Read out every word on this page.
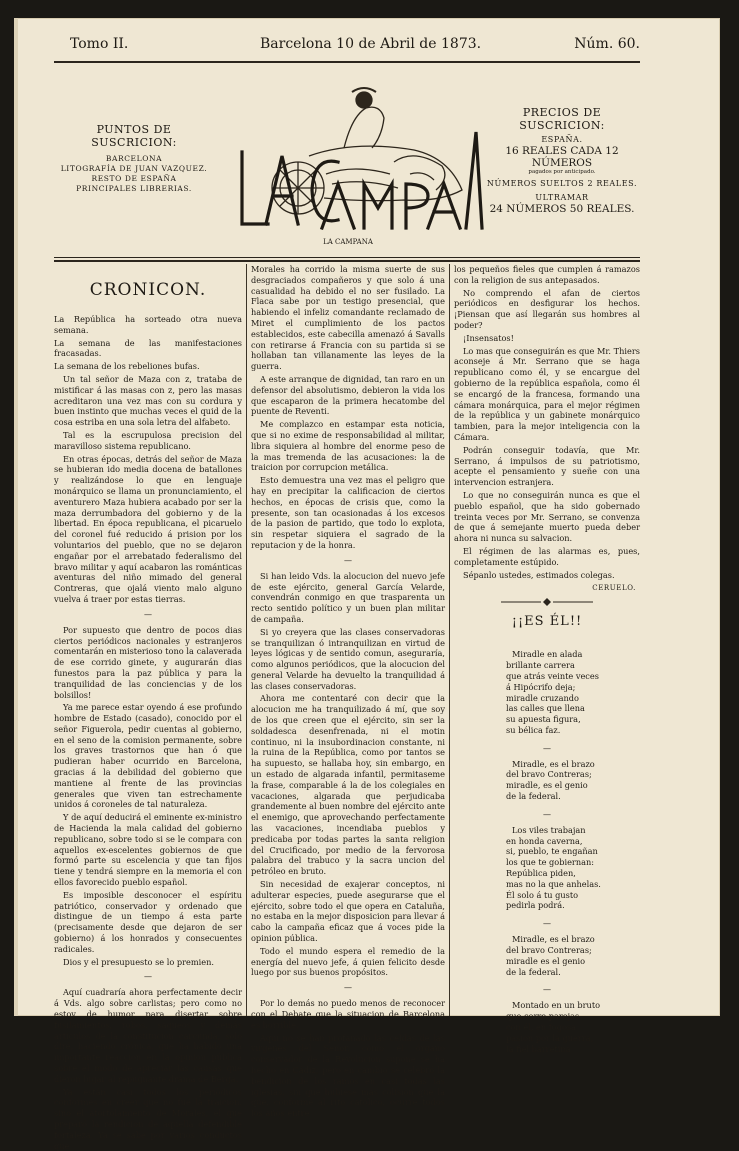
Tomo II.	Barcelona 10 de Abril de 1873.	Núm. 60.
PUNTOS DE SUSCRICION:
BARCELONA
LITOGRAFÍA DE JUAN VAZQUEZ.
RESTO DE ESPAÑA
PRINCIPALES LIBRERIAS.
LA CAMPANA
PRECIOS DE SUSCRICION:
ESPAÑA.
16 REALES CADA 12 NÚMEROS
pagados por anticipado.
NÚMEROS SUELTOS 2 REALES.
ULTRAMAR
24 NÚMEROS 50 REALES.
CRONICON.

La República ha sorteado otra nueva semana.

La semana de las manifestaciones fracasadas.

La semana de los rebeliones bufas.

Un tal señor de Maza con z, trataba de mistificar á las masas con z, pero las masas acreditaron una vez mas con su cordura y buen instinto que muchas veces el quid de la cosa estriba en una sola letra del alfabeto.

Tal es la escrupulosa precision del maravilloso sistema republicano.

En otras épocas, detrás del señor de Maza se hubieran ido media docena de batallones y realizándose lo que en lenguaje monárquico se llama un pronunciamiento, el aventurero Maza hubiera acabado por ser la maza derrumbadora del gobierno y de la libertad. En época republicana, el picaruelo del coronel fué reducido á prision por los voluntarios del pueblo, que no se dejaron engañar por el arrebatado federalismo del bravo militar y aquí acabaron las románticas aventuras del niño mimado del general Contreras, que ojalá viento malo alguno vuelva á traer por estas tierras.

—

Por supuesto que dentro de pocos dias ciertos periódicos nacionales y estranjeros comentarán en misterioso tono la calaverada de ese corrido ginete, y augurarán dias funestos para la paz pública y para la tranquilidad de las conciencias y de los bolsillos!

Ya me parece estar oyendo á ese profundo hombre de Estado (casado), conocido por el señor Figuerola, pedir cuentas al gobierno, en el seno de la comision permanente, sobre los graves trastornos que han ó que pudieran haber ocurrido en Barcelona, gracias á la debilidad del gobierno que mantiene al frente de las provincias generales que viven tan estrechamente unidos á coroneles de tal naturaleza.

Y de aquí deducirá el eminente ex-ministro de Hacienda la mala calidad del gobierno republicano, sobre todo si se le compara con aquellos ex-escelentes gobiernos de que formó parte su escelencia y que tan fijos tiene y tendrá siempre en la memoria el con ellos favorecido pueblo español.

Es imposible desconocer el espíritu patriótico, conservador y ordenado que distingue de un tiempo á esta parte (precisamente desde que dejaron de ser gobierno) á los honrados y consecuentes radicales.

Dios y el presupuesto se lo premien.

—

Aquí cuadraría ahora perfectamente decir á Vds. algo sobre carlistas; pero como no estoy de humor para disertar sobre fusilamientos, robos, saqueos y demás artículos de la constitucion carcunda, solo diré, haciendo crónica, que ha habido una importante reaccion en la opinion pública sobre el modo de apreciar las causas que dieron lugar al repugnante drama de Berga.

Ya están casi todos los periódicos conformes en creer que no fué la traicion, sino el atortolamiento de Morales, el que preparó la rendicion de aquella defendible fortaleza. Ya se sabe por varios conductos que

Morales ha corrido la misma suerte de sus desgraciados compañeros y que solo á una casualidad ha debido el no ser fusilado. La Flaca sabe por un testigo presencial, que habiendo el infeliz comandante reclamado de Miret el cumplimiento de los pactos establecidos, este cabecilla amenazó á Savalls con retirarse á Francia con su partida si se hollaban tan villanamente las leyes de la guerra.

A este arranque de dignidad, tan raro en un defensor del absolutismo, debieron la vida los que escaparon de la primera hecatombe del puente de Reventi.

Me complazco en estampar esta noticia, que si no exime de responsabilidad al militar, libra siquiera al hombre del enorme peso de la mas tremenda de las acusaciones: la de traicion por corrupcion metálica.

Esto demuestra una vez mas el peligro que hay en precipitar la calificacion de ciertos hechos, en épocas de crisis que, como la presente, son tan ocasionadas á los excesos de la pasion de partido, que todo lo explota, sin respetar siquiera el sagrado de la reputacion y de la honra.

—

Si han leido Vds. la alocucion del nuevo jefe de este ejército, general García Velarde, convendrán conmigo en que trasparenta un recto sentido político y un buen plan militar de campaña.

Si yo creyera que las clases conservadoras se tranquilizan ó intranquilizan en virtud de leyes lógicas y de sentido comun, aseguraría, como algunos periódicos, que la alocucion del general Velarde ha devuelto la tranquilidad á las clases conservadoras.

Ahora me contentaré con decir que la alocucion me ha tranquilizado á mí, que soy de los que creen que el ejército, sin ser la soldadesca desenfrenada, ni el motin continuo, ni la insubordinacion constante, ni la ruina de la República, como por tantos se ha supuesto, se hallaba hoy, sin embargo, en un estado de algarada infantil, permitaseme la frase, comparable á la de los colegiales en vacaciones, algarada que perjudicaba grandemente al buen nombre del ejército ante el enemigo, que aprovechando perfectamente las vacaciones, incendiaba pueblos y predicaba por todas partes la santa religion del Crucificado, por medio de la fervorosa palabra del trabuco y la sacra uncion del petróleo en bruto.

Sin necesidad de exajerar conceptos, ni adulterar especies, puede asegurarse que el ejército, sobre todo el que opera en Cataluña, no estaba en la mejor disposicion para llevar á cabo la campaña eficaz que á voces pide la opinion pública.

Todo el mundo espera el remedio de la energía del nuevo jefe, á quien felicito desde luego por sus buenos propósitos.

—

Por lo demás no puedo menos de reconocer con el Debate que la situacion de Barcelona es horrible.

Aquí no se han profanado las celdas de las vírgenes del Señor, como el órgano conservador de la Revolucion supone se ha hecho en Cádiz; pero en cambio se celebró la bendicion de los ramos en casi todas las iglesias, sin que hubiese mas colision que la que, conforme al rito católico, ocurre todos los años entre

los pequeños fieles que cumplen á ramazos con la religion de sus antepasados.

No comprendo el afan de ciertos periódicos en desfigurar los hechos. ¡Piensan que así llegarán sus hombres al poder?

¡Insensatos!

Lo mas que conseguirán es que Mr. Thiers aconseje á Mr. Serrano que se haga republicano como él, y se encargue del gobierno de la república española, como él se encargó de la francesa, formando una cámara monárquica, para el mejor régimen de la república y un gabinete monárquico tambien, para la mejor inteligencia con la Cámara.

Podrán conseguir todavía, que Mr. Serrano, á impulsos de su patriotismo, acepte el pensamiento y sueñe con una intervencion estranjera.

Lo que no conseguirán nunca es que el pueblo español, que ha sido gobernado treinta veces por Mr. Serrano, se convenza de que á semejante muerto pueda deber ahora ni nunca su salvacion.

El régimen de las alarmas es, pues, completamente estúpido.

Sépanlo ustedes, estimados colegas.

CERUELO.
¡¡ES ÉL!!
Miradle en alada
brillante carrera
que atrás veinte veces
á Hipócrifo deja;
miradle cruzando
las calles que llena
su apuesta figura,
su bélica faz.
—
Miradle, es el brazo
del bravo Contreras;
miradle, es el genio
de la federal.
—
Los viles trabajan
en honda caverna,
si, pueblo, te engañan
los que te gobiernan:
República piden,
mas no la que anhelas.
Él solo á tu gusto
pedirla podrá.
—
Miradle, es el brazo
del bravo Contreras;
miradle es el genio
de la federal.
—
Montado en un bruto
que corre parejas
con él, en fogosa
pasion por la guerra,
la fiel barretina
